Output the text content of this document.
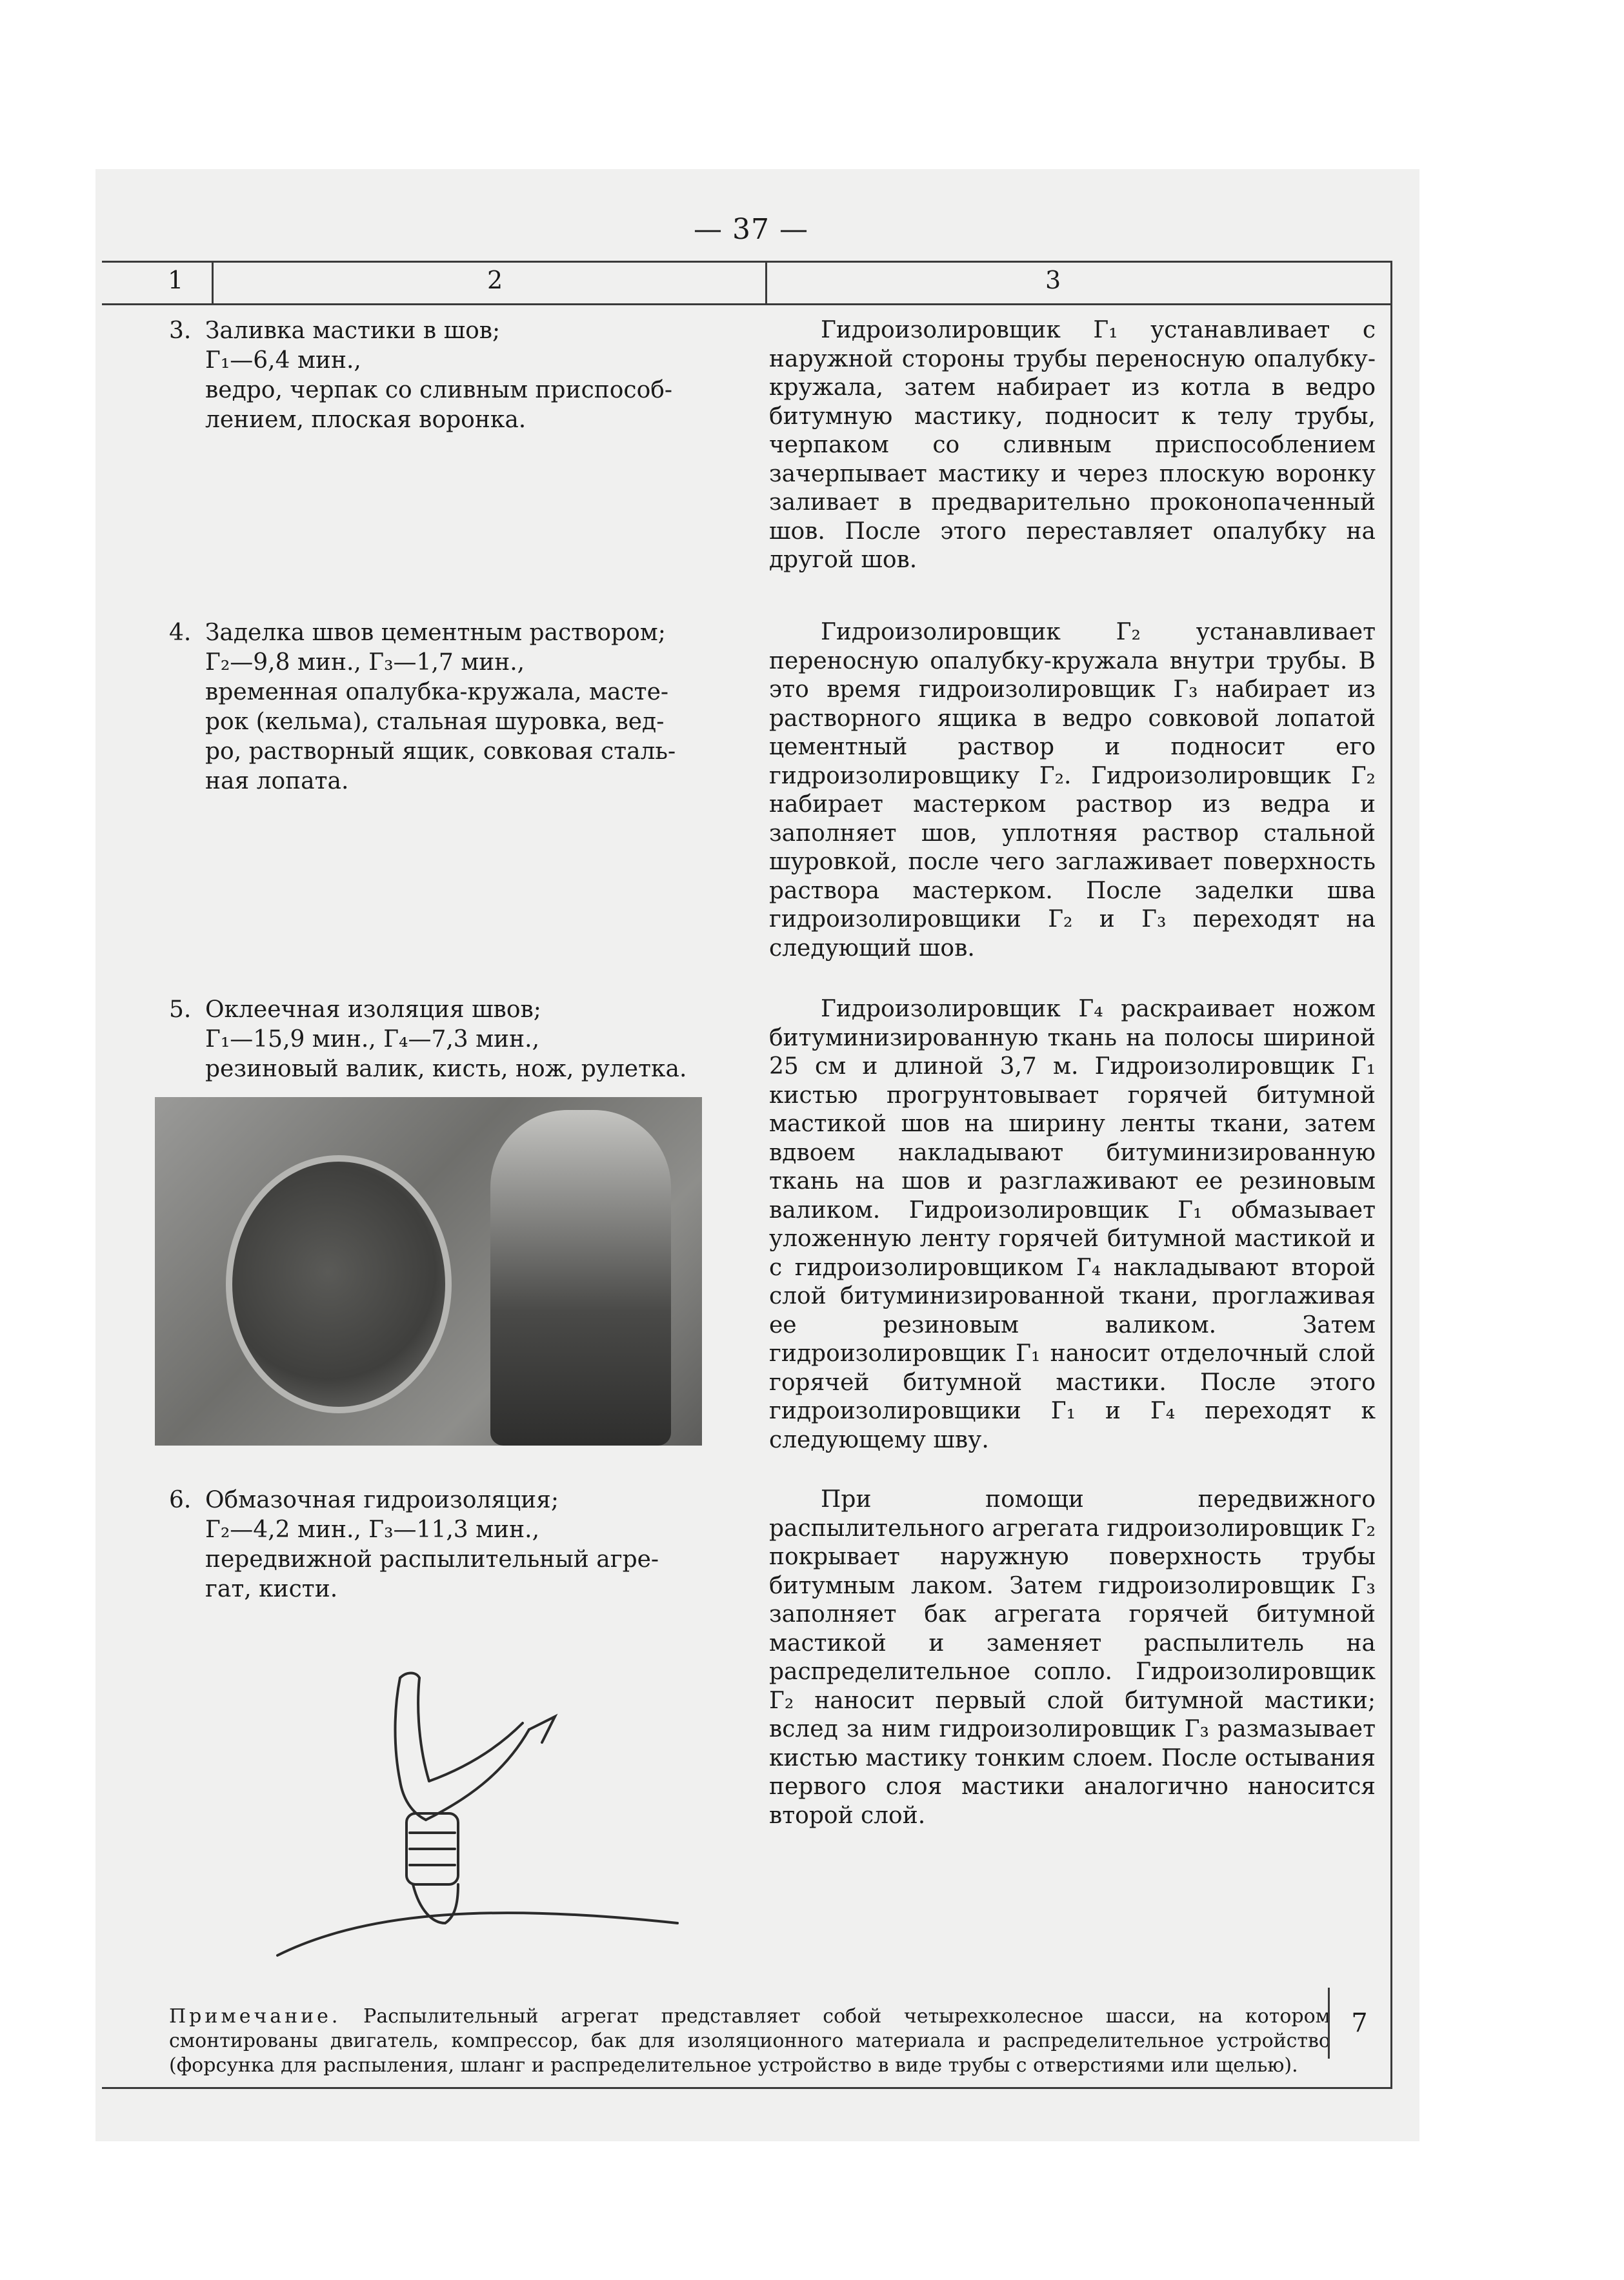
— 37 —
1	2	3
3. Заливка мастики в шов;
Г₁—6,4 мин.,
ведро, черпак со сливным приспособ-
лением, плоская воронка.
4. Заделка швов цементным раствором;
Г₂—9,8 мин., Г₃—1,7 мин.,
временная опалубка-кружала, масте-
рок (кельма), стальная шуровка, вед-
ро, растворный ящик, совковая сталь-
ная лопата.
5. Оклеечная изоляция швов;
Г₁—15,9 мин., Г₄—7,3 мин.,
резиновый валик, кисть, нож, рулетка.
6. Обмазочная гидроизоляция;
Г₂—4,2 мин., Г₃—11,3 мин.,
передвижной распылительный агре-
гат, кисти.
Гидроизолировщик Г₁ устанавливает с наружной стороны трубы переносную опалубку-кружала, затем набирает из котла в ведро битумную мастику, подносит к телу трубы, черпаком со сливным приспособлением зачерпывает мастику и через плоскую воронку заливает в предварительно проконопаченный шов. После этого переставляет опалубку на другой шов.
Гидроизолировщик Г₂ устанавливает переносную опалубку-кружала внутри трубы. В это время гидроизолировщик Г₃ набирает из растворного ящика в ведро совковой лопатой цементный раствор и подносит его гидроизолировщику Г₂. Гидроизолировщик Г₂ набирает мастерком раствор из ведра и заполняет шов, уплотняя раствор стальной шуровкой, после чего заглаживает поверхность раствора мастерком. После заделки шва гидроизолировщики Г₂ и Г₃ переходят на следующий шов.
Гидроизолировщик Г₄ раскраивает ножом битуминизированную ткань на полосы шириной 25 см и длиной 3,7 м. Гидроизолировщик Г₁ кистью прогрунтовывает горячей битумной мастикой шов на ширину ленты ткани, затем вдвоем накладывают битуминизированную ткань на шов и разглаживают ее резиновым валиком. Гидроизолировщик Г₁ обмазывает уложенную ленту горячей битумной мастикой и с гидроизолировщиком Г₄ накладывают второй слой битуминизированной ткани, проглаживая ее резиновым валиком. Затем гидроизолировщик Г₁ наносит отделочный слой горячей битумной мастики. После этого гидроизолировщики Г₁ и Г₄ переходят к следующему шву.
При помощи передвижного распылительного агрегата гидроизолировщик Г₂ покрывает наружную поверхность трубы битумным лаком. Затем гидроизолировщик Г₃ заполняет бак агрегата горячей битумной мастикой и заменяет распылитель на распределительное сопло. Гидроизолировщик Г₂ наносит первый слой битумной мастики; вслед за ним гидроизолировщик Г₃ размазывает кистью мастику тонким слоем. После остывания первого слоя мастики аналогично наносится второй слой.
Примечание. Распылительный агрегат представляет собой четырехколесное шасси, на котором смонтированы двигатель, компрессор, бак для изоляционного материала и распределительное устройство (форсунка для распыления, шланг и распределительное устройство в виде трубы с отверстиями или щелью).
7
